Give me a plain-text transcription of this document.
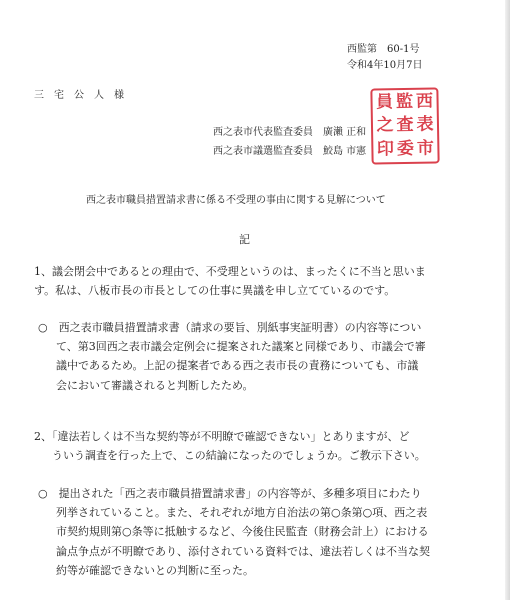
西監第　60-1号
令和4年10月7日
三　宅　公　人　様
西之表市代表監査委員　廣瀨 正和
西之表市議選監査委員　鮫島 市憲
員 監 西
之 査 表
印 委 市
西之表市職員措置請求書に係る不受理の事由に関する見解について
記
1、議会閉会中であるとの理由で、不受理というのは、まったくに不当と思いま
す。私は、八板市長の市長としての仕事に異議を申し立てているのです。
○　西之表市職員措置請求書（請求の要旨、別紙事実証明書）の内容等につい
て、第3回西之表市議会定例会に提案された議案と同様であり、市議会で審
議中であるため。上記の提案者である西之表市長の責務についても、市議
会において審議されると判断したため。
2、「違法若しくは不当な契約等が不明瞭で確認できない」とありますが、ど
ういう調査を行った上で、この結論になったのでしょうか。ご教示下さい。
○　提出された「西之表市職員措置請求書」の内容等が、多種多項目にわたり
列挙されていること。また、それぞれが地方自治法の第○条第○項、西之表
市契約規則第○条等に抵触するなど、今後住民監査（財務会計上）における
論点争点が不明瞭であり、添付されている資料では、違法若しくは不当な契
約等が確認できないとの判断に至った。
